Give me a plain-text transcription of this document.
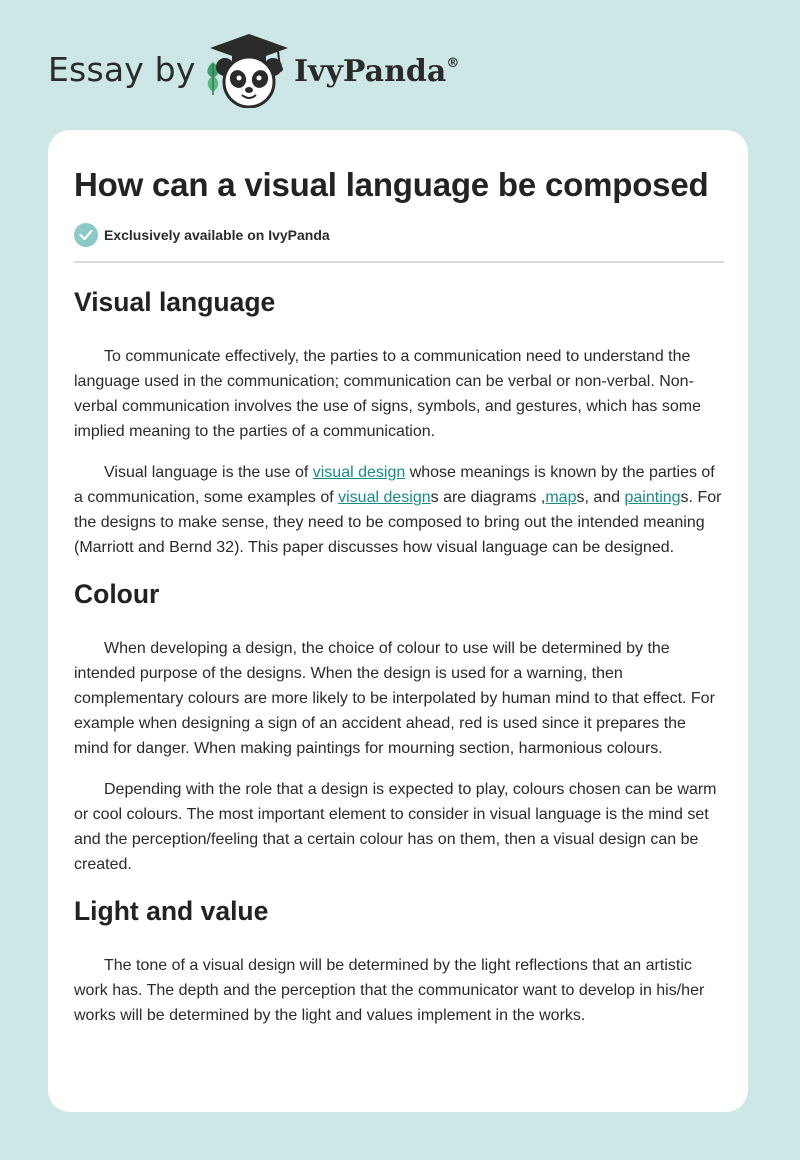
Essay by	IvyPanda®
How can a visual language be composed
Exclusively available on IvyPanda
Visual language

To communicate effectively, the parties to a communication need to understand the language used in the communication; communication can be verbal or non-verbal. Non-verbal communication involves the use of signs, symbols, and gestures, which has some implied meaning to the parties of a communication.

Visual language is the use of visual design whose meanings is known by the parties of a communication, some examples of visual designs are diagrams ,maps, and paintings. For the designs to make sense, they need to be composed to bring out the intended meaning (Marriott and Bernd 32). This paper discusses how visual language can be designed.

Colour

When developing a design, the choice of colour to use will be determined by the intended purpose of the designs. When the design is used for a warning, then complementary colours are more likely to be interpolated by human mind to that effect. For example when designing a sign of an accident ahead, red is used since it prepares the mind for danger. When making paintings for mourning section, harmonious colours.

Depending with the role that a design is expected to play, colours chosen can be warm or cool colours. The most important element to consider in visual language is the mind set and the perception/feeling that a certain colour has on them, then a visual design can be created.

Light and value

The tone of a visual design will be determined by the light reflections that an artistic work has. The depth and the perception that the communicator want to develop in his/her works will be determined by the light and values implement in the works.
